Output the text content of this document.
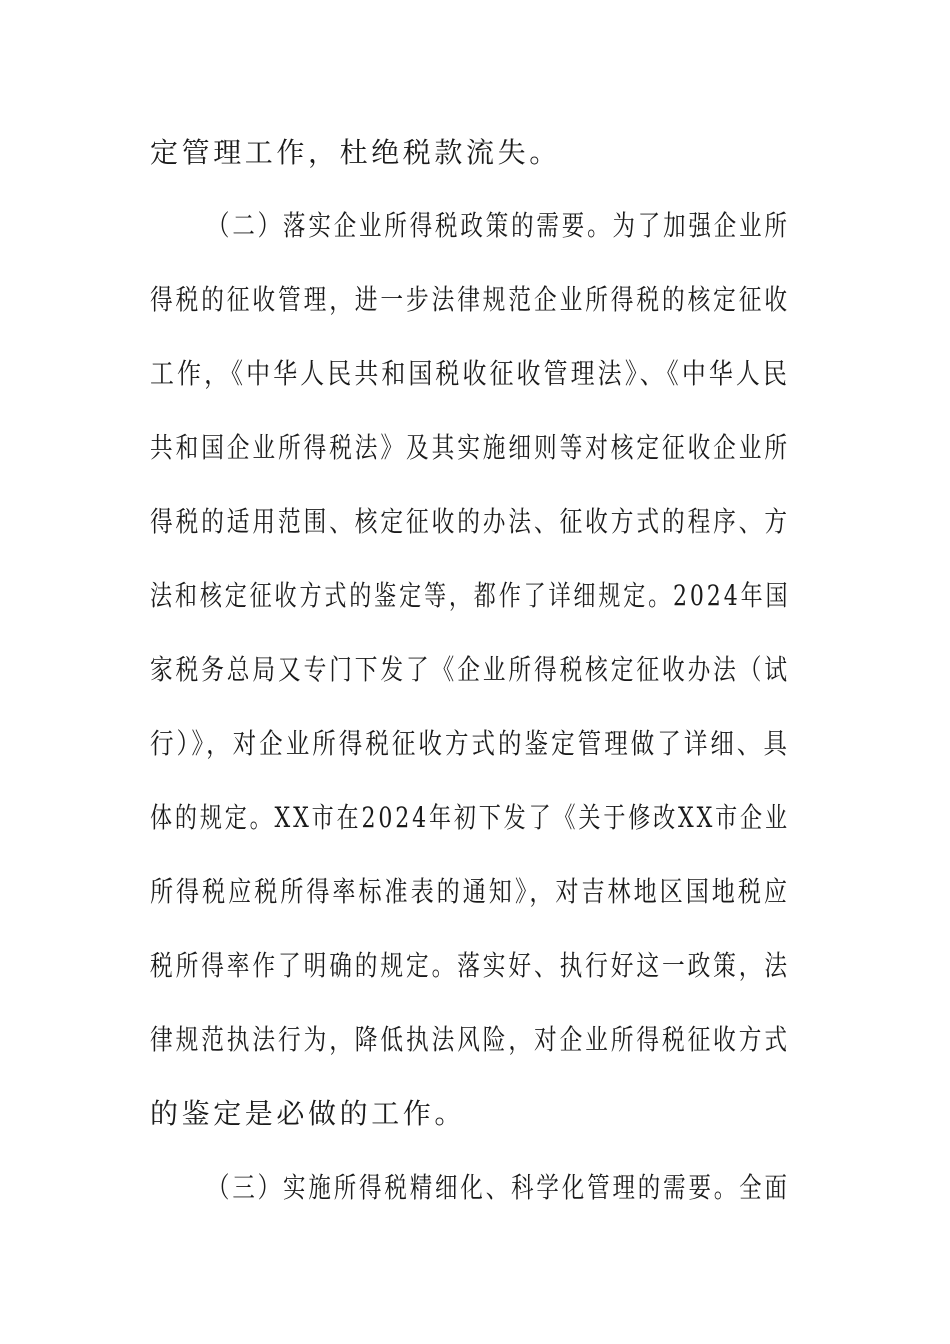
定管理工作，杜绝税款流失。
（二）落实企业所得税政策的需要。为了加强企业所
得税的征收管理，进一步法律规范企业所得税的核定征收
工作，《中华人民共和国税收征收管理法》、《中华人民
共和国企业所得税法》及其实施细则等对核定征收企业所
得税的适用范围、核定征收的办法、征收方式的程序、方
法和核定征收方式的鉴定等，都作了详细规定。2024年国
家税务总局又专门下发了《企业所得税核定征收办法（试
行）》，对企业所得税征收方式的鉴定管理做了详细、具
体的规定。XX市在2024年初下发了《关于修改XX市企业
所得税应税所得率标准表的通知》，对吉林地区国地税应
税所得率作了明确的规定。落实好、执行好这一政策，法
律规范执法行为，降低执法风险，对企业所得税征收方式
的鉴定是必做的工作。
（三）实施所得税精细化、科学化管理的需要。全面
